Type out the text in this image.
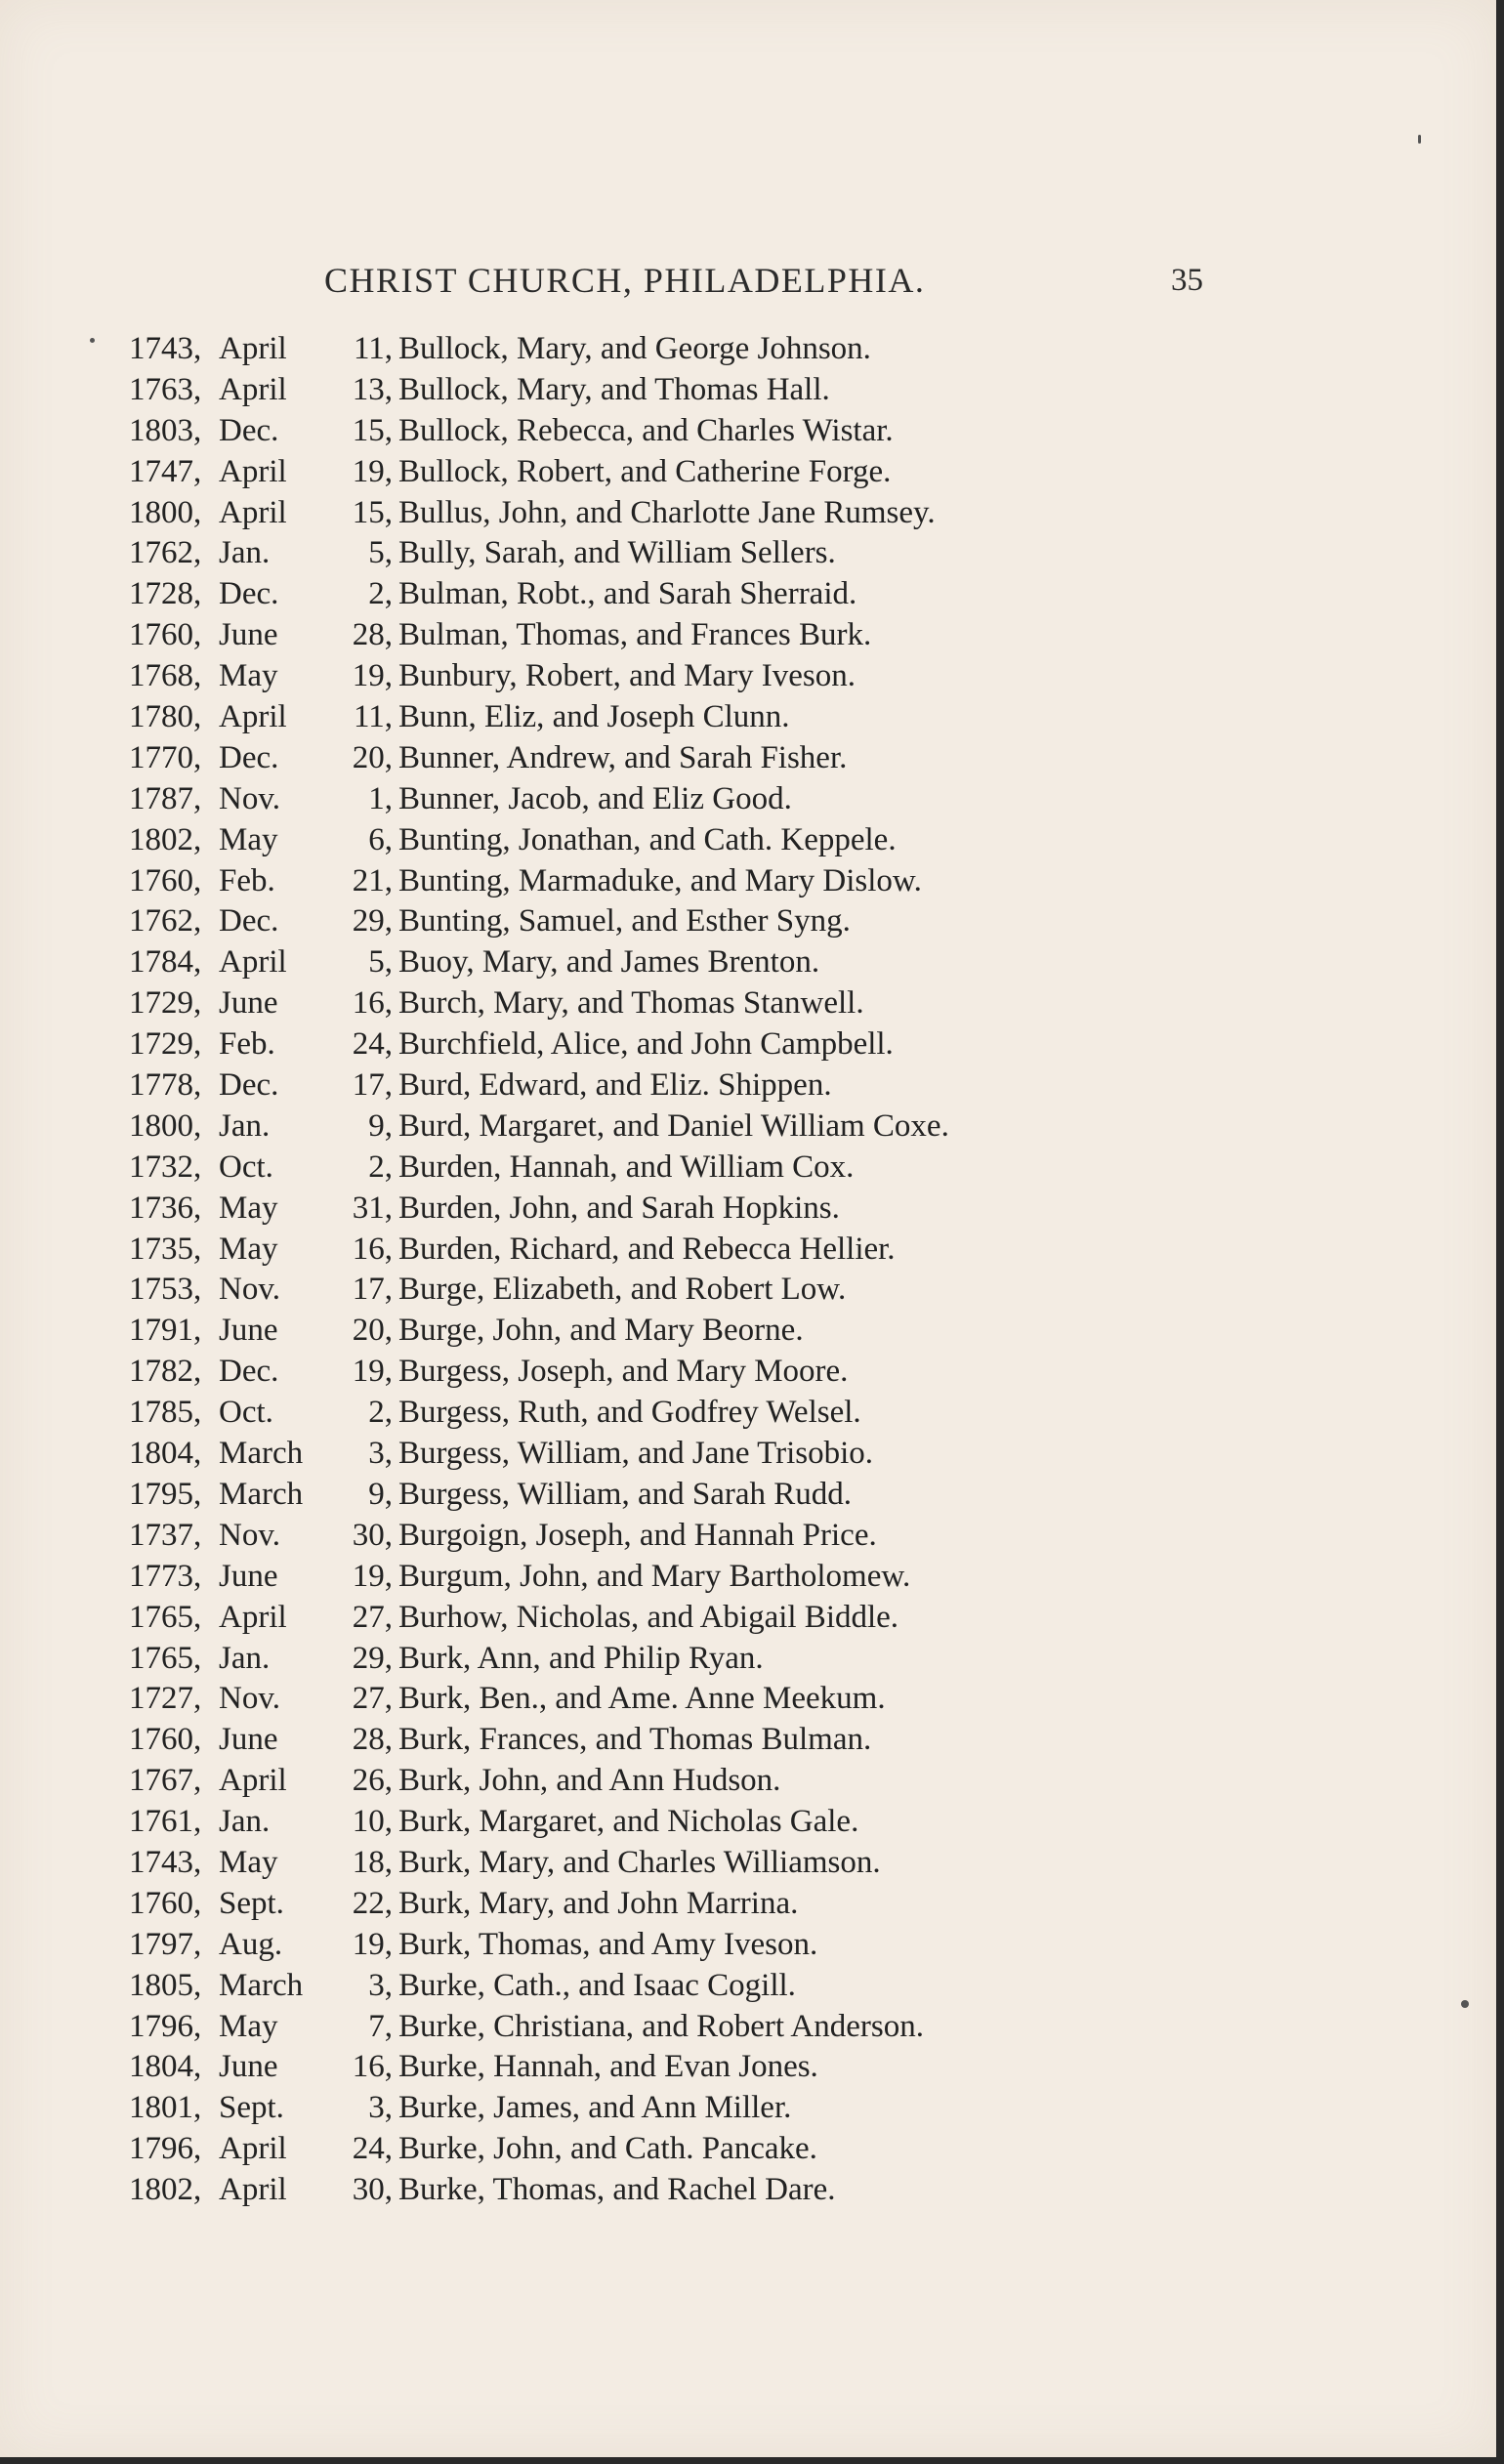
CHRIST CHURCH, PHILADELPHIA.	35
1743, April	11, Bullock, Mary, and George Johnson.
1763, April	13, Bullock, Mary, and Thomas Hall.
1803, Dec.	15, Bullock, Rebecca, and Charles Wistar.
1747, April	19, Bullock, Robert, and Catherine Forge.
1800, April	15, Bullus, John, and Charlotte Jane Rumsey.
1762, Jan.	5, Bully, Sarah, and William Sellers.
1728, Dec.	2, Bulman, Robt., and Sarah Sherraid.
1760, June	28, Bulman, Thomas, and Frances Burk.
1768, May	19, Bunbury, Robert, and Mary Iveson.
1780, April	11, Bunn, Eliz, and Joseph Clunn.
1770, Dec.	20, Bunner, Andrew, and Sarah Fisher.
1787, Nov.	1, Bunner, Jacob, and Eliz Good.
1802, May	6, Bunting, Jonathan, and Cath. Keppele.
1760, Feb.	21, Bunting, Marmaduke, and Mary Dislow.
1762, Dec.	29, Bunting, Samuel, and Esther Syng.
1784, April	5, Buoy, Mary, and James Brenton.
1729, June	16, Burch, Mary, and Thomas Stanwell.
1729, Feb.	24, Burchfield, Alice, and John Campbell.
1778, Dec.	17, Burd, Edward, and Eliz. Shippen.
1800, Jan.	9, Burd, Margaret, and Daniel William Coxe.
1732, Oct.	2, Burden, Hannah, and William Cox.
1736, May	31, Burden, John, and Sarah Hopkins.
1735, May	16, Burden, Richard, and Rebecca Hellier.
1753, Nov.	17, Burge, Elizabeth, and Robert Low.
1791, June	20, Burge, John, and Mary Beorne.
1782, Dec.	19, Burgess, Joseph, and Mary Moore.
1785, Oct.	2, Burgess, Ruth, and Godfrey Welsel.
1804, March	3, Burgess, William, and Jane Trisobio.
1795, March	9, Burgess, William, and Sarah Rudd.
1737, Nov.	30, Burgoign, Joseph, and Hannah Price.
1773, June	19, Burgum, John, and Mary Bartholomew.
1765, April	27, Burhow, Nicholas, and Abigail Biddle.
1765, Jan.	29, Burk, Ann, and Philip Ryan.
1727, Nov.	27, Burk, Ben., and Ame. Anne Meekum.
1760, June	28, Burk, Frances, and Thomas Bulman.
1767, April	26, Burk, John, and Ann Hudson.
1761, Jan.	10, Burk, Margaret, and Nicholas Gale.
1743, May	18, Burk, Mary, and Charles Williamson.
1760, Sept.	22, Burk, Mary, and John Marrina.
1797, Aug.	19, Burk, Thomas, and Amy Iveson.
1805, March	3, Burke, Cath., and Isaac Cogill.
1796, May	7, Burke, Christiana, and Robert Anderson.
1804, June	16, Burke, Hannah, and Evan Jones.
1801, Sept.	3, Burke, James, and Ann Miller.
1796, April	24, Burke, John, and Cath. Pancake.
1802, April	30, Burke, Thomas, and Rachel Dare.
